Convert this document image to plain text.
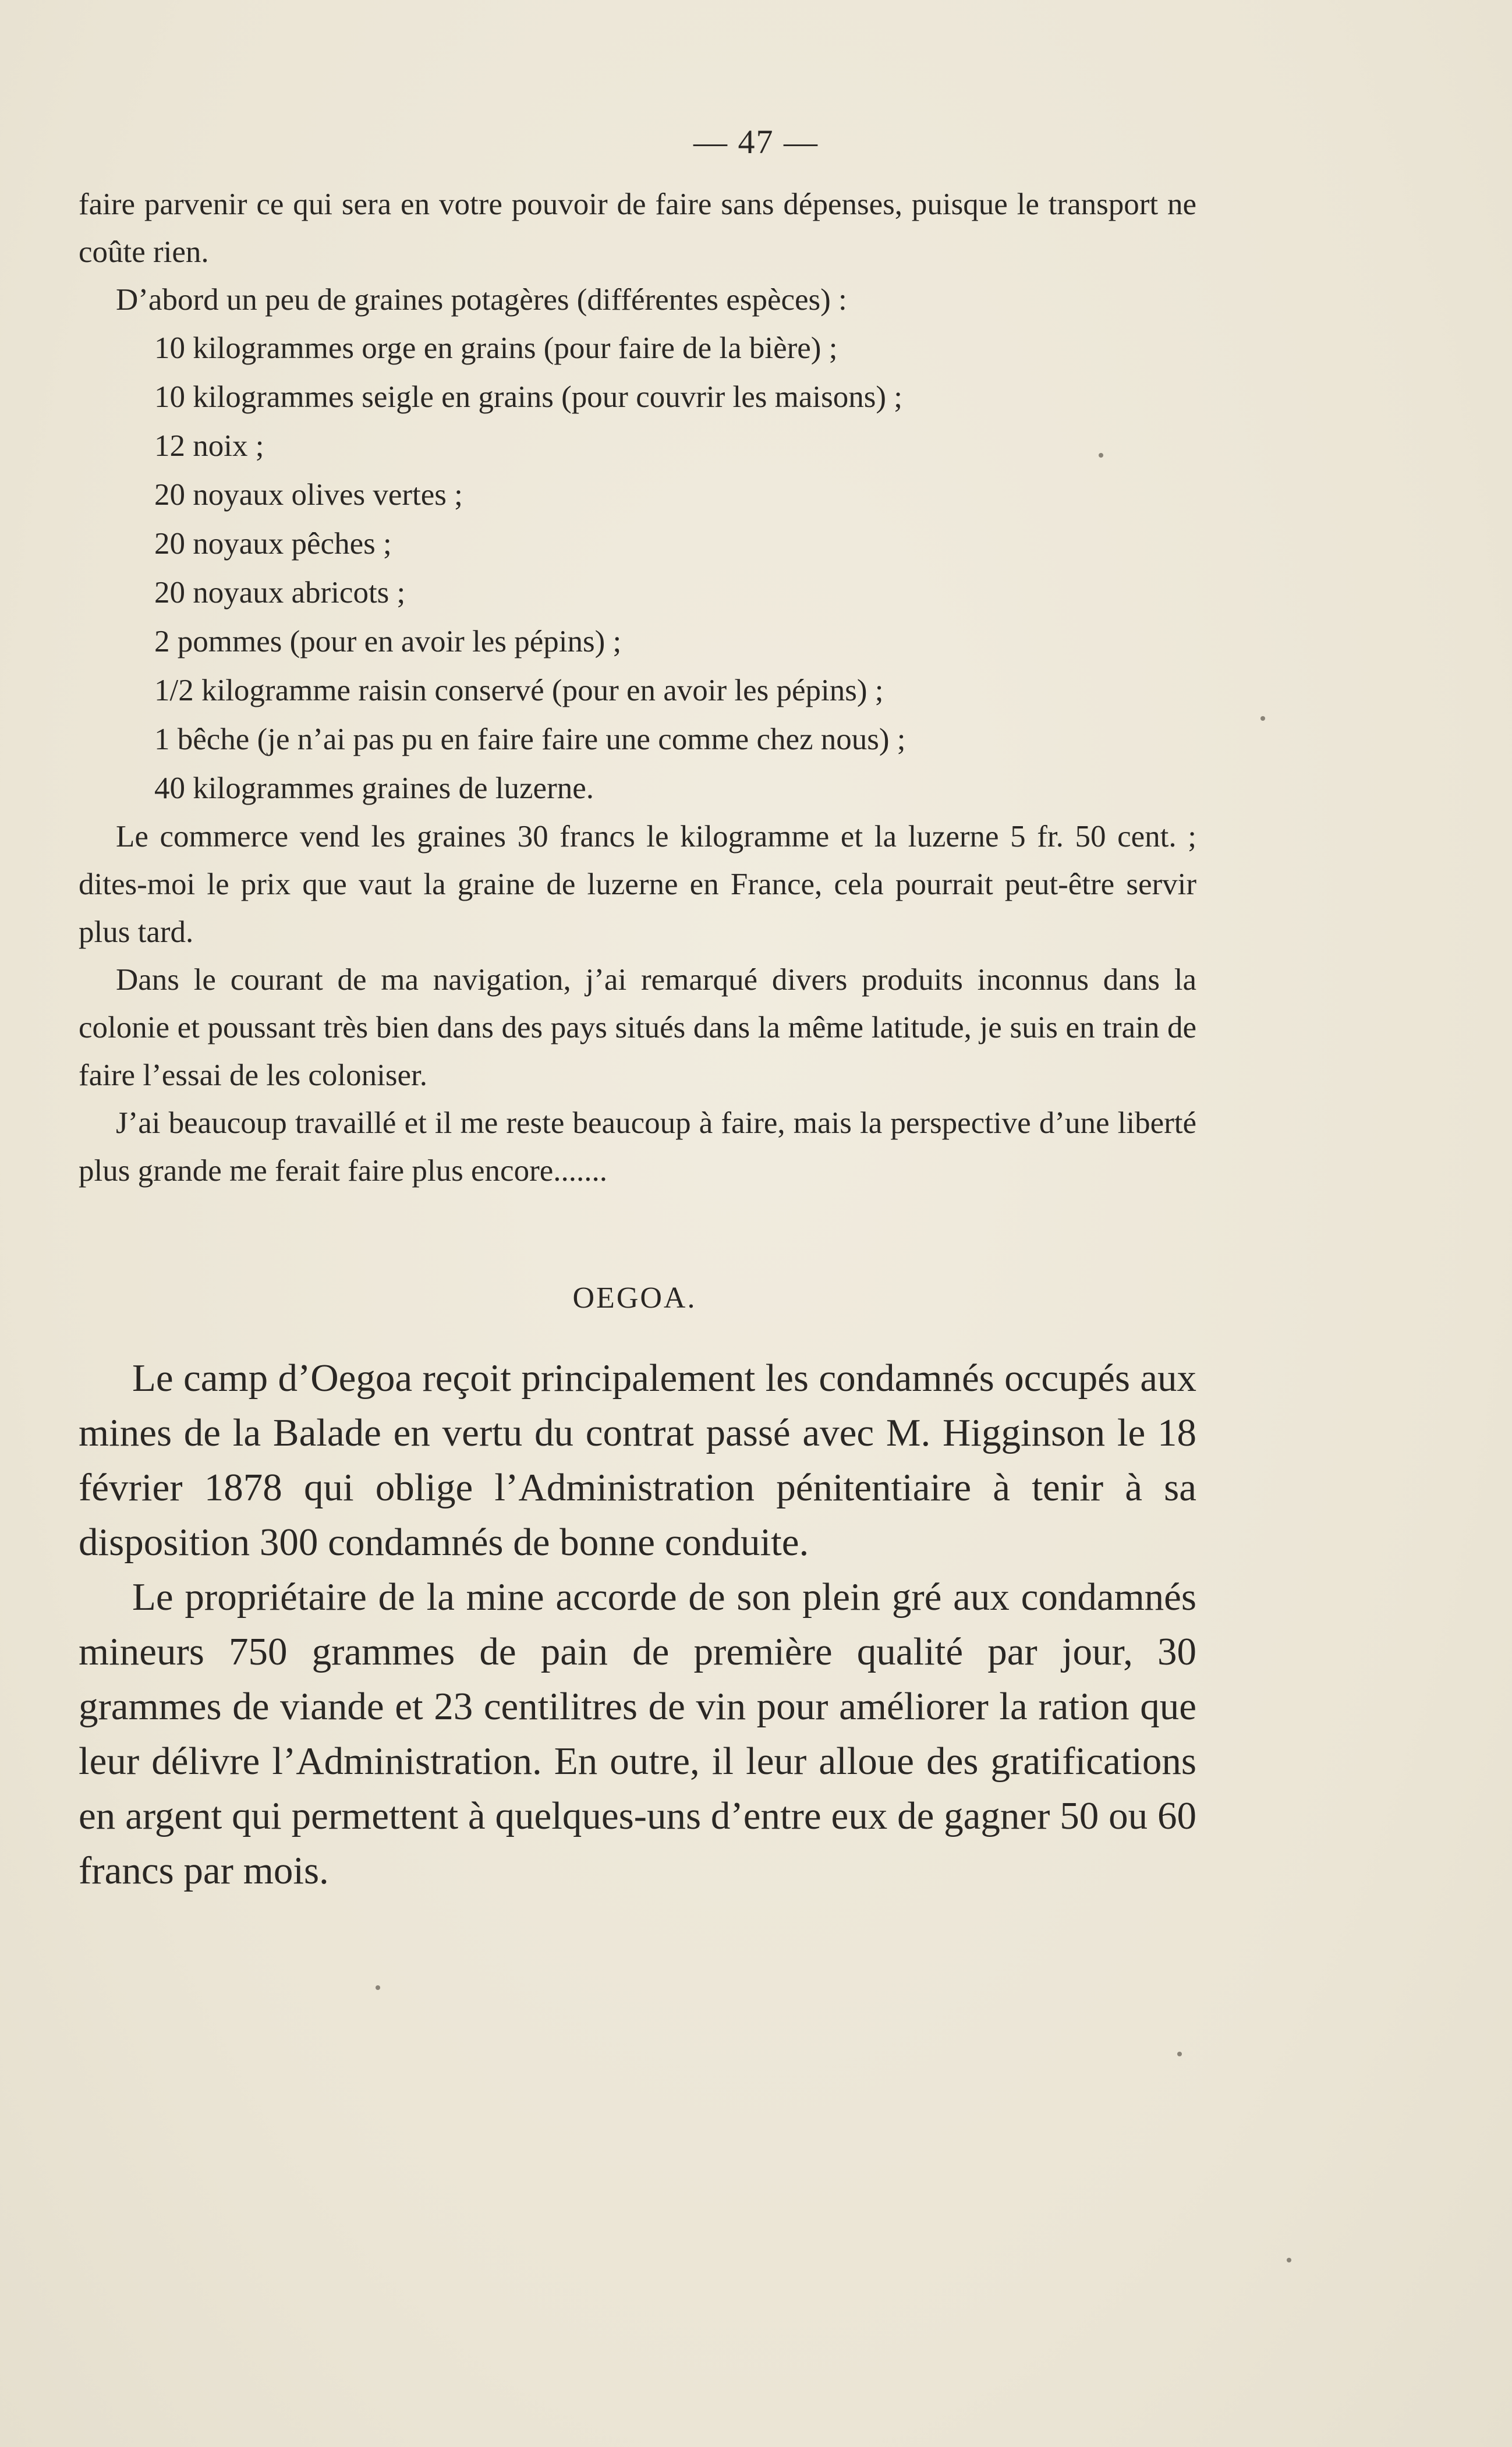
— 47 —

faire parvenir ce qui sera en votre pouvoir de faire sans dépenses, puisque le transport ne coûte rien.

D’abord un peu de graines potagères (différentes espèces) :

10 kilogrammes orge en grains (pour faire de la bière) ;
10 kilogrammes seigle en grains (pour couvrir les maisons) ;
12 noix ;
20 noyaux olives vertes ;
20 noyaux pêches ;
20 noyaux abricots ;
2 pommes (pour en avoir les pépins) ;
1/2 kilogramme raisin conservé (pour en avoir les pépins) ;
1 bêche (je n’ai pas pu en faire faire une comme chez nous) ;
40 kilogrammes graines de luzerne.

Le commerce vend les graines 30 francs le kilogramme et la luzerne 5 fr. 50 cent. ; dites-moi le prix que vaut la graine de luzerne en France, cela pourrait peut-être servir plus tard.

Dans le courant de ma navigation, j’ai remarqué divers produits inconnus dans la colonie et poussant très bien dans des pays situés dans la même latitude, je suis en train de faire l’essai de les coloniser.

J’ai beaucoup travaillé et il me reste beaucoup à faire, mais la perspective d’une liberté plus grande me ferait faire plus encore.......

OEGOA.

Le camp d’Oegoa reçoit principalement les condamnés occupés aux mines de la Balade en vertu du contrat passé avec M. Higginson le 18 février 1878 qui oblige l’Administration pénitentiaire à tenir à sa disposition 300 condamnés de bonne conduite.

Le propriétaire de la mine accorde de son plein gré aux condamnés mineurs 750 grammes de pain de première qualité par jour, 30 grammes de viande et 23 centilitres de vin pour améliorer la ration que leur délivre l’Administration. En outre, il leur alloue des gratifications en argent qui permettent à quelques-uns d’entre eux de gagner 50 ou 60 francs par mois.
